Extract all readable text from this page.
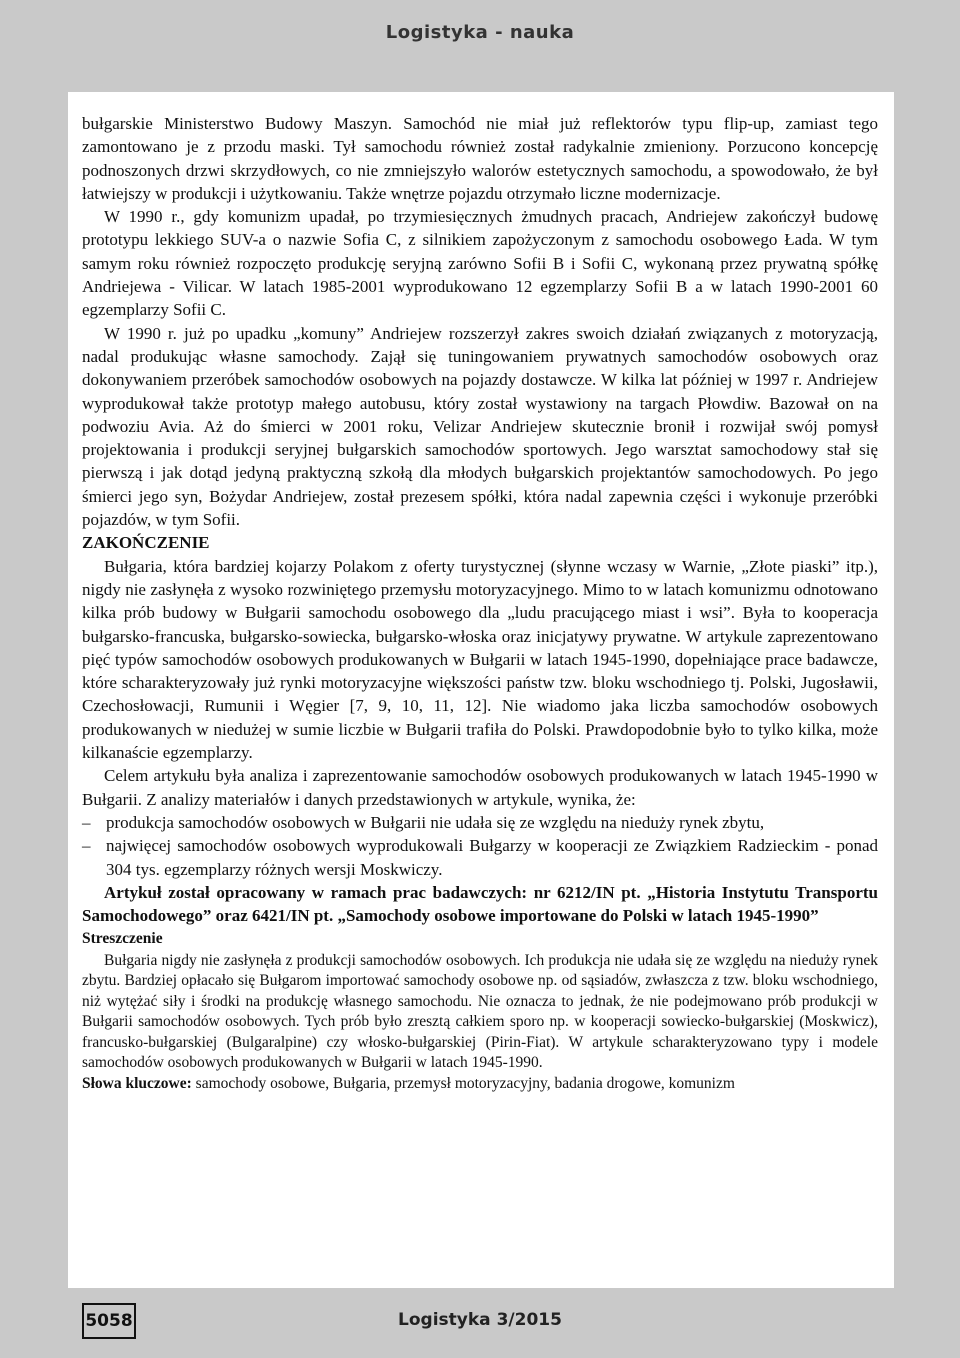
Logistyka - nauka

bułgarskie Ministerstwo Budowy Maszyn. Samochód nie miał już reflektorów typu flip-up, zamiast tego zamontowano je z przodu maski. Tył samochodu również został radykalnie zmieniony. Porzucono koncepcję podnoszonych drzwi skrzydłowych, co nie zmniejszyło walorów estetycznych samochodu, a spowodowało, że był łatwiejszy w produkcji i użytkowaniu. Także wnętrze pojazdu otrzymało liczne modernizacje.

W 1990 r., gdy komunizm upadał, po trzymiesięcznych żmudnych pracach, Andriejew zakończył budowę prototypu lekkiego SUV-a o nazwie Sofia C, z silnikiem zapożyczonym z samochodu osobowego Łada. W tym samym roku również rozpoczęto produkcję seryjną zarówno Sofii B i Sofii C, wykonaną przez prywatną spółkę Andriejewa - Vilicar. W latach 1985-2001 wyprodukowano 12 egzemplarzy Sofii B a w latach 1990-2001 60 egzemplarzy Sofii C.

W 1990 r. już po upadku „komuny” Andriejew rozszerzył zakres swoich działań związanych z motoryzacją, nadal produkując własne samochody. Zajął się tuningowaniem prywatnych samochodów osobowych oraz dokonywaniem przeróbek samochodów osobowych na pojazdy dostawcze. W kilka lat później w 1997 r. Andriejew wyprodukował także prototyp małego autobusu, który został wystawiony na targach Płowdiw. Bazował on na podwoziu Avia. Aż do śmierci w 2001 roku, Velizar Andriejew skutecznie bronił i rozwijał swój pomysł projektowania i produkcji seryjnej bułgarskich samochodów sportowych. Jego warsztat samochodowy stał się pierwszą i jak dotąd jedyną praktyczną szkołą dla młodych bułgarskich projektantów samochodowych. Po jego śmierci jego syn, Bożydar Andriejew, został prezesem spółki, która nadal zapewnia części i wykonuje przeróbki pojazdów, w tym Sofii.

ZAKOŃCZENIE

Bułgaria, która bardziej kojarzy Polakom z oferty turystycznej (słynne wczasy w Warnie, „Złote piaski” itp.), nigdy nie zasłynęła z wysoko rozwiniętego przemysłu motoryzacyjnego. Mimo to w latach komunizmu odnotowano kilka prób budowy w Bułgarii samochodu osobowego dla „ludu pracującego miast i wsi”. Była to kooperacja bułgarsko-francuska, bułgarsko-sowiecka, bułgarsko-włoska oraz inicjatywy prywatne. W artykule zaprezentowano pięć typów samochodów osobowych produkowanych w Bułgarii w latach 1945-1990, dopełniające prace badawcze, które scharakteryzowały już rynki motoryzacyjne większości państw tzw. bloku wschodniego tj. Polski, Jugosławii, Czechosłowacji, Rumunii i Węgier [7, 9, 10, 11, 12]. Nie wiadomo jaka liczba samochodów osobowych produkowanych w niedużej w sumie liczbie w Bułgarii trafiła do Polski. Prawdopodobnie było to tylko kilka, może kilkanaście egzemplarzy.

Celem artykułu była analiza i zaprezentowanie samochodów osobowych produkowanych w latach 1945-1990 w Bułgarii. Z analizy materiałów i danych przedstawionych w artykule, wynika, że:

– produkcja samochodów osobowych w Bułgarii nie udała się ze względu na nieduży rynek zbytu,
– najwięcej samochodów osobowych wyprodukowali Bułgarzy w kooperacji ze Związkiem Radzieckim - ponad 304 tys. egzemplarzy różnych wersji Moskwiczy.

Artykuł został opracowany w ramach prac badawczych: nr 6212/IN pt. „Historia Instytutu Transportu Samochodowego” oraz 6421/IN pt. „Samochody osobowe importowane do Polski w latach 1945-1990”

Streszczenie

Bułgaria nigdy nie zasłynęła z produkcji samochodów osobowych. Ich produkcja nie udała się ze względu na nieduży rynek zbytu. Bardziej opłacało się Bułgarom importować samochody osobowe np. od sąsiadów, zwłaszcza z tzw. bloku wschodniego, niż wytężać siły i środki na produkcję własnego samochodu. Nie oznacza to jednak, że nie podejmowano prób produkcji w Bułgarii samochodów osobowych. Tych prób było zresztą całkiem sporo np. w kooperacji sowiecko-bułgarskiej (Moskwicz), francusko-bułgarskiej (Bulgaralpine) czy włosko-bułgarskiej (Pirin-Fiat). W artykule scharakteryzowano typy i modele samochodów osobowych produkowanych w Bułgarii w latach 1945-1990.

Słowa kluczowe: samochody osobowe, Bułgaria, przemysł motoryzacyjny, badania drogowe, komunizm

5058	Logistyka 3/2015
